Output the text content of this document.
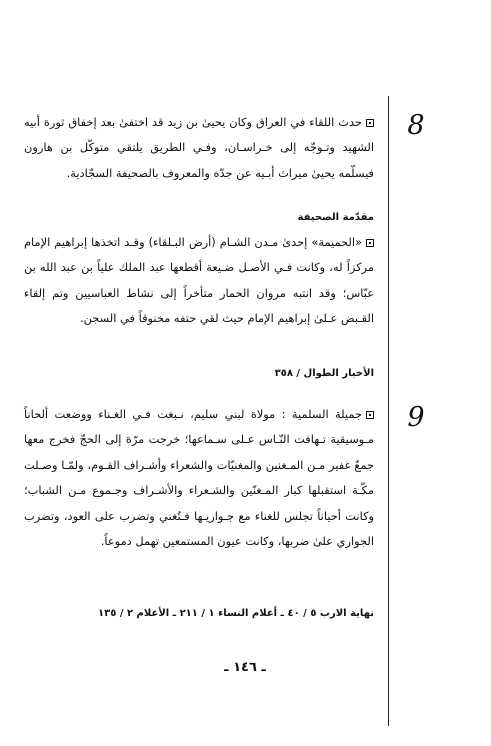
8
9

حدث اللقاء في العراق وكان يحيىٰ بن زيد قد اختفىٰ بعد إخفاق ثورة أبيه الشهيد وتـوجّه إلى خـراسـان، وفـي الطريق يلتقي متوكّل بن هارون فيسلّمه يحيىٰ ميراث أبـيه عن جدّه والمعروف بالصحيفة السجّادية.

مقدّمة الصحيفة

«الحميمة» إحدىٰ مـدن الشـام (أرض البـلقاء) وقـد اتخذها إبراهيم الإمام مركزاً له، وكانت فـي الأصـل ضـيعة أقطعها عبد الملك علياً بن عبد الله بن عبّاس؛ وقد انتبه مروان الحمار متأخراً إلى نشاط العباسيين وتم إلقاء القـبض عـلىٰ إبراهيم الإمام حيث لقي حتفه مخنوقاً في السجن.

الأخبار الطوال / ٣٥٨

جميلة السلمية : مولاة لبني سليم، نـبغت فـي الغـناء ووضعت ألحاناً مـوسيقية تـهافت النّـاس عـلى سـماعها؛ خرجت مرّة إلى الحجّ فخرج معها جمعٌ غفير مـن المـغنين والمغنيّات والشعراء وأشـراف القـوم، ولمّـا وصـلت مكّـة استقبلها كبار المـغنّين والشـعراء والأشـراف وجـموع مـن الشباب؛ وكانت أحياناً تجلس للغناء مع جـواريـها فـتُغني وتضرب على العود، وتضرب الجواري علىٰ ضربها، وكانت عيون المستمعين تهمل دموعاً.

نهاية الارب ٥ / ٤٠ ـ أعلام النساء ١ / ٢١١ ـ الأعلام ٢ / ١٣٥
ـ ١٤٦ ـ
